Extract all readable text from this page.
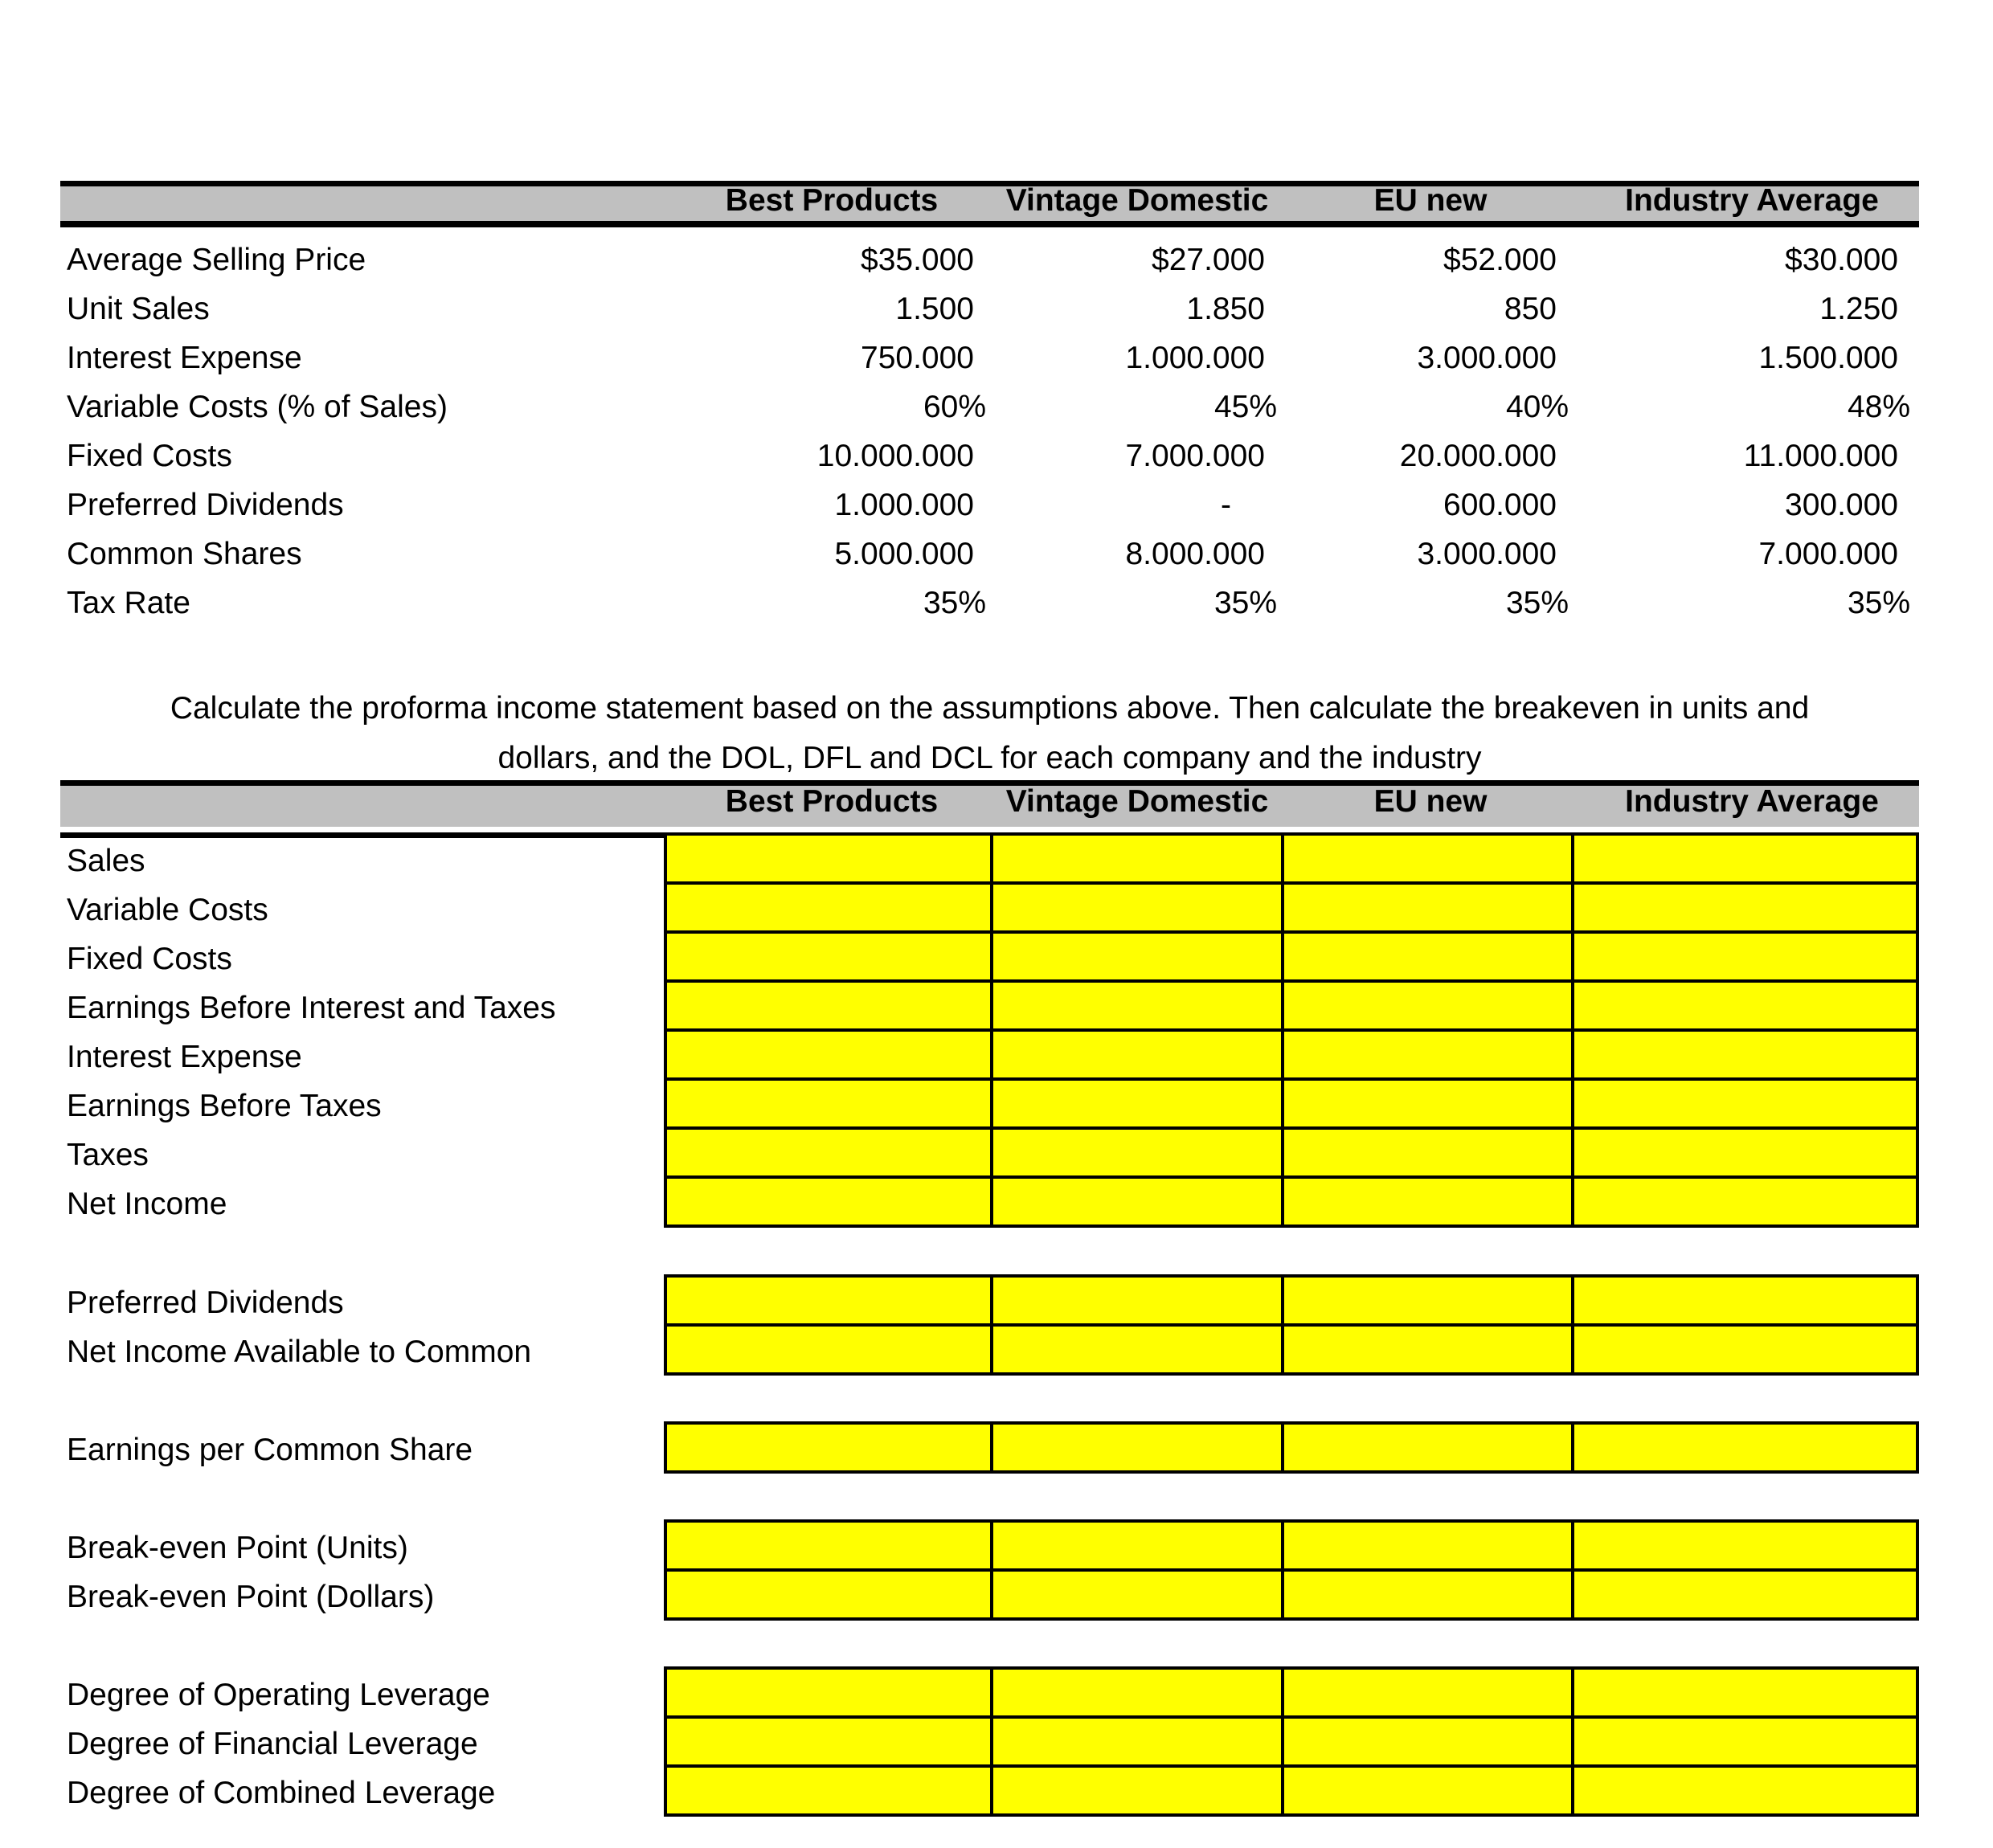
Best Products	Vintage Domestic	EU new	Industry Average
Average Selling Price	$35.000	$27.000	$52.000	$30.000
Unit Sales	1.500	1.850	850	1.250
Interest Expense	750.000	1.000.000	3.000.000	1.500.000
Variable Costs (% of Sales)	60%	45%	40%	48%
Fixed Costs	10.000.000	7.000.000	20.000.000	11.000.000
Preferred Dividends	1.000.000	-	600.000	300.000
Common Shares	5.000.000	8.000.000	3.000.000	7.000.000
Tax Rate	35%	35%	35%	35%
Calculate the proforma income statement based on the assumptions above. Then calculate the breakeven in units and
dollars, and the DOL, DFL and DCL for each company and the industry
Best Products	Vintage Domestic	EU new	Industry Average
Sales
Variable Costs
Fixed Costs
Earnings Before Interest and Taxes
Interest Expense
Earnings Before Taxes
Taxes
Net Income

Preferred Dividends
Net Income Available to Common

Earnings per Common Share

Break-even Point (Units)
Break-even Point (Dollars)

Degree of Operating Leverage
Degree of Financial Leverage
Degree of Combined Leverage
